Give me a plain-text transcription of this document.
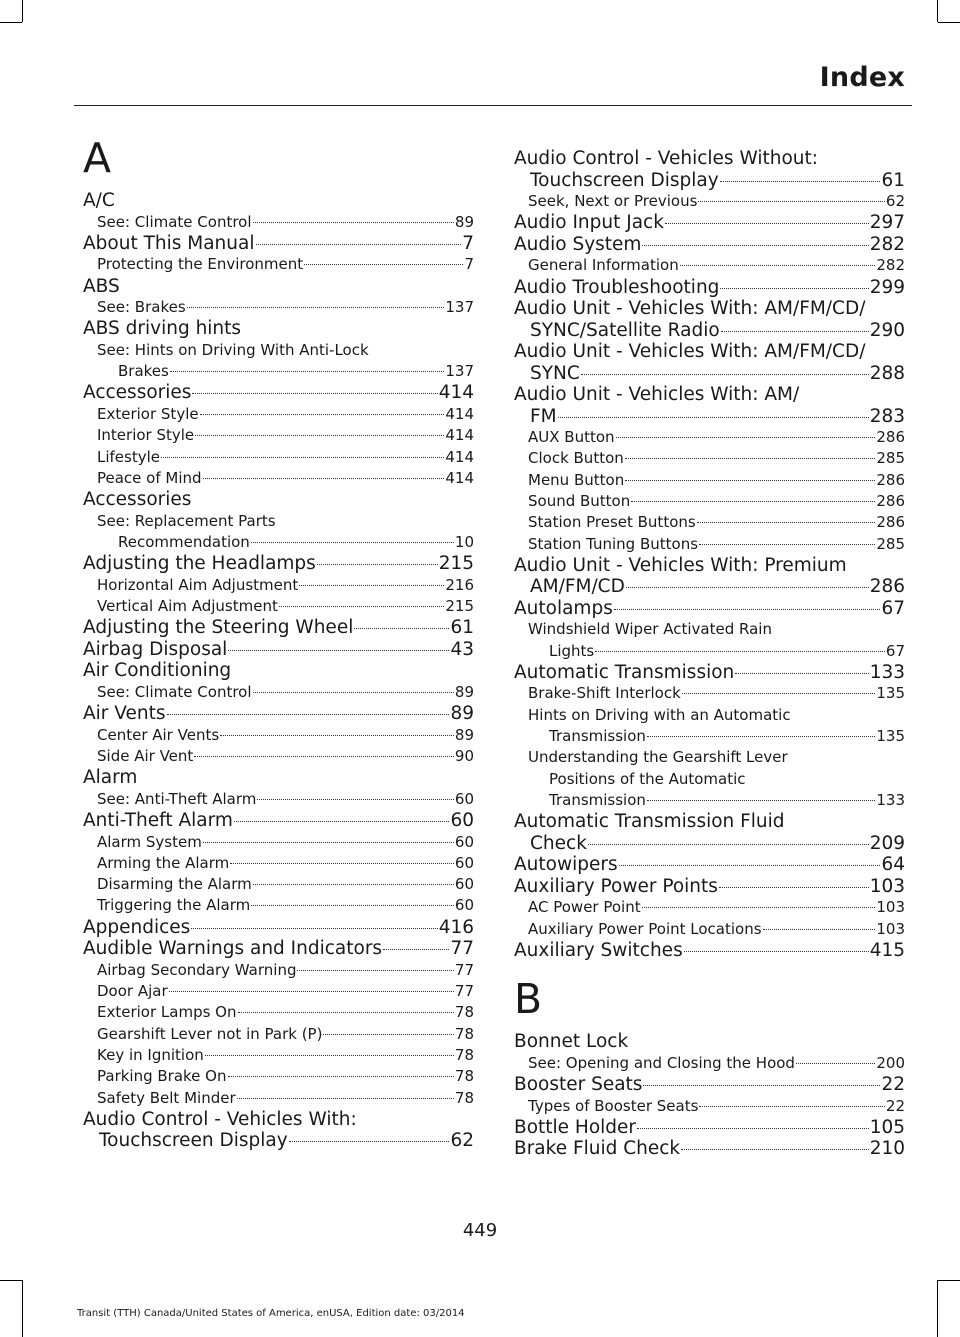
Index
A
A/C
See: Climate Control	89
About This Manual	7
Protecting the Environment	7
ABS
See: Brakes	137
ABS driving hints
See: Hints on Driving With Anti-Lock
Brakes	137
Accessories	414
Exterior Style	414
Interior Style	414
Lifestyle	414
Peace of Mind	414
Accessories
See: Replacement Parts
Recommendation	10
Adjusting the Headlamps	215
Horizontal Aim Adjustment	216
Vertical Aim Adjustment	215
Adjusting the Steering Wheel	61
Airbag Disposal	43
Air Conditioning
See: Climate Control	89
Air Vents	89
Center Air Vents	89
Side Air Vent	90
Alarm
See: Anti-Theft Alarm	60
Anti-Theft Alarm	60
Alarm System	60
Arming the Alarm	60
Disarming the Alarm	60
Triggering the Alarm	60
Appendices	416
Audible Warnings and Indicators	77
Airbag Secondary Warning	77
Door Ajar	77
Exterior Lamps On	78
Gearshift Lever not in Park (P)	78
Key in Ignition	78
Parking Brake On	78
Safety Belt Minder	78
Audio Control - Vehicles With:
Touchscreen Display	62
Audio Control - Vehicles Without:
Touchscreen Display	61
Seek, Next or Previous	62
Audio Input Jack	297
Audio System	282
General Information	282
Audio Troubleshooting	299
Audio Unit - Vehicles With: AM/FM/CD/
SYNC/Satellite Radio	290
Audio Unit - Vehicles With: AM/FM/CD/
SYNC	288
Audio Unit - Vehicles With: AM/
FM	283
AUX Button	286
Clock Button	285
Menu Button	286
Sound Button	286
Station Preset Buttons	286
Station Tuning Buttons	285
Audio Unit - Vehicles With: Premium
AM/FM/CD	286
Autolamps	67
Windshield Wiper Activated Rain
Lights	67
Automatic Transmission	133
Brake-Shift Interlock	135
Hints on Driving with an Automatic
Transmission	135
Understanding the Gearshift Lever
Positions of the Automatic
Transmission	133
Automatic Transmission Fluid
Check	209
Autowipers	64
Auxiliary Power Points	103
AC Power Point	103
Auxiliary Power Point Locations	103
Auxiliary Switches	415
B
Bonnet Lock
See: Opening and Closing the Hood	200
Booster Seats	22
Types of Booster Seats	22
Bottle Holder	105
Brake Fluid Check	210
449
Transit (TTH) Canada/United States of America, enUSA, Edition date: 03/2014
